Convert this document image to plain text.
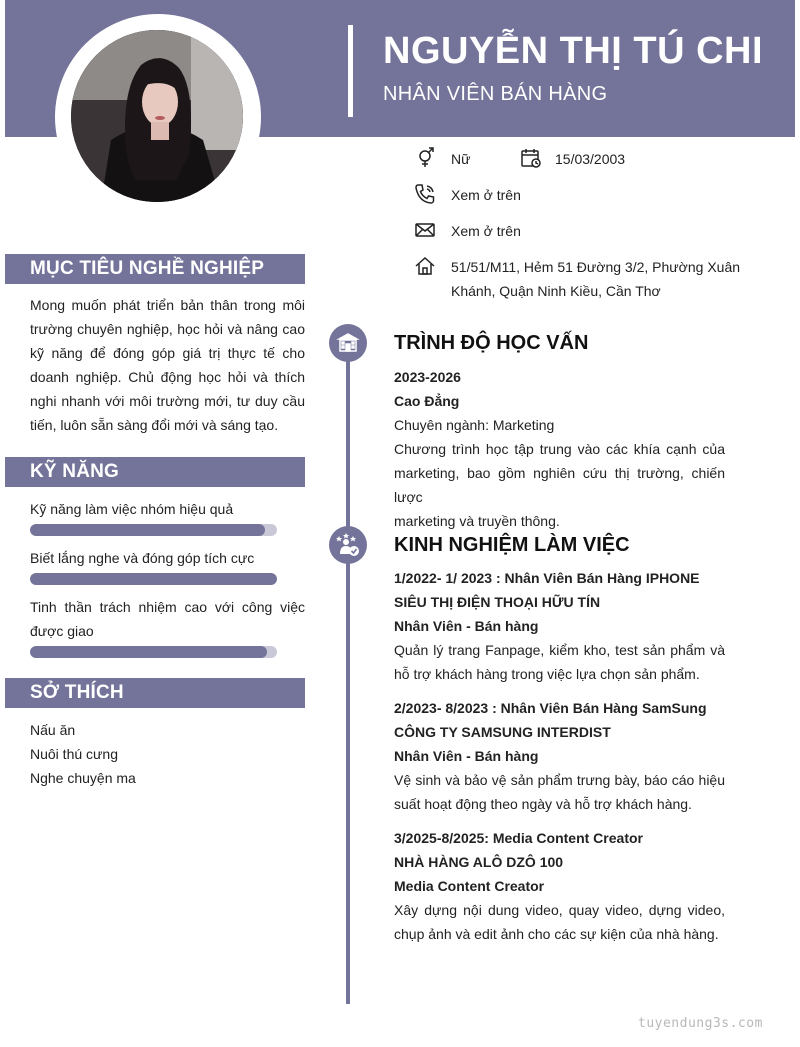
NGUYỄN THỊ TÚ CHI
NHÂN VIÊN BÁN HÀNG
Nữ	15/03/2003
Xem ở trên
Xem ở trên
51/51/M11, Hẻm 51 Đường 3/2, Phường Xuân
Khánh, Quận Ninh Kiều, Cần Thơ
MỤC TIÊU NGHỀ NGHIỆP
Mong muốn phát triển bản thân trong môi
trường chuyên nghiệp, học hỏi và nâng cao
kỹ năng để đóng góp giá trị thực tế cho
doanh nghiệp. Chủ động học hỏi và thích
nghi nhanh với môi trường mới, tư duy cầu
tiến, luôn sẵn sàng đổi mới và sáng tạo.
KỸ NĂNG
Kỹ năng làm việc nhóm hiệu quả
Biết lắng nghe và đóng góp tích cực
Tinh thần trách nhiệm cao với công việc
được giao
SỞ THÍCH
Nấu ăn
Nuôi thú cưng
Nghe chuyện ma
TRÌNH ĐỘ HỌC VẤN
2023-2026
Cao Đẳng
Chuyên ngành: Marketing
Chương trình học tập trung vào các khía cạnh của
marketing, bao gồm nghiên cứu thị trường, chiến lược
marketing và truyền thông.
KINH NGHIỆM LÀM VIỆC
1/2022- 1/ 2023 : Nhân Viên Bán Hàng IPHONE
SIÊU THỊ ĐIỆN THOẠI HỮU TÍN
Nhân Viên - Bán hàng
Quản lý trang Fanpage, kiểm kho, test sản phẩm và
hỗ trợ khách hàng trong việc lựa chọn sản phẩm.
2/2023- 8/2023 : Nhân Viên Bán Hàng SamSung
CÔNG TY SAMSUNG INTERDIST
Nhân Viên - Bán hàng
Vệ sinh và bảo vệ sản phẩm trưng bày, báo cáo hiệu
suất hoạt động theo ngày và hỗ trợ khách hàng.
3/2025-8/2025: Media Content Creator
NHÀ HÀNG ALÔ DZÔ 100
Media Content Creator
Xây dựng nội dung video, quay video, dựng video,
chụp ảnh và edit ảnh cho các sự kiện của nhà hàng.
tuyendung3s.com
